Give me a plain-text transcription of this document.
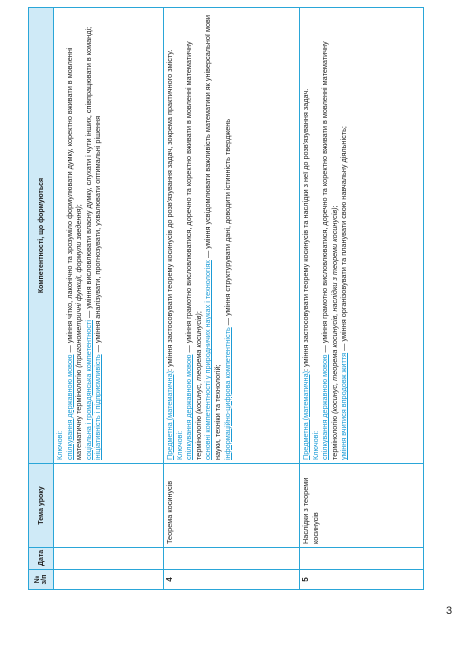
№ з/п	Дата	Тема уроку	Компетентності, що формуються

			Ключові: спілкування державною мовою — уміння чітко, лаконічно та зрозуміло формулювати думку, коректно вживати в мовленні математичну термінологію (тригонометричні функції, формули зведення);
соціальна і громадянська компетентності — уміння висловлювати власну думку, слухати і чути інших, співпрацювати в команді;
ініціативність і підприємливість — уміння аналізувати, прогнозувати, ухвалювати оптимальні рішення

4		Теорема косинусів	Предметна (математична): уміння застосовувати теорему косинусів до розв'язування задач, зокрема практичного змісту.
Ключові: спілкування державною мовою — уміння грамотно висловлюватися, доречно та коректно вживати в мовленні математичну термінологію (косинус, теорема косинусів); основні компетентності у природничих науках і технологіях — уміння усвідомлювати важливість математики як універсальної мови науки, техніки та технологій; інформаційно-цифрова компетентність — уміння структурувати дані, доводити істинність тверджень

5		Наслідки з теореми косинусів	Предметна (математична): уміння застосовувати теорему косинусів та наслідки з неї до розв'язування задач.
Ключові: спілкування державною мовою — уміння грамотно висловлюватися, доречно та коректно вживати в мовленні математичну термінологію (косинус, теорема косинусів, наслідки з теореми косинусів);
уміння вчитися впродовж життя — уміння організовувати та планувати свою навчальну діяльність;
3
